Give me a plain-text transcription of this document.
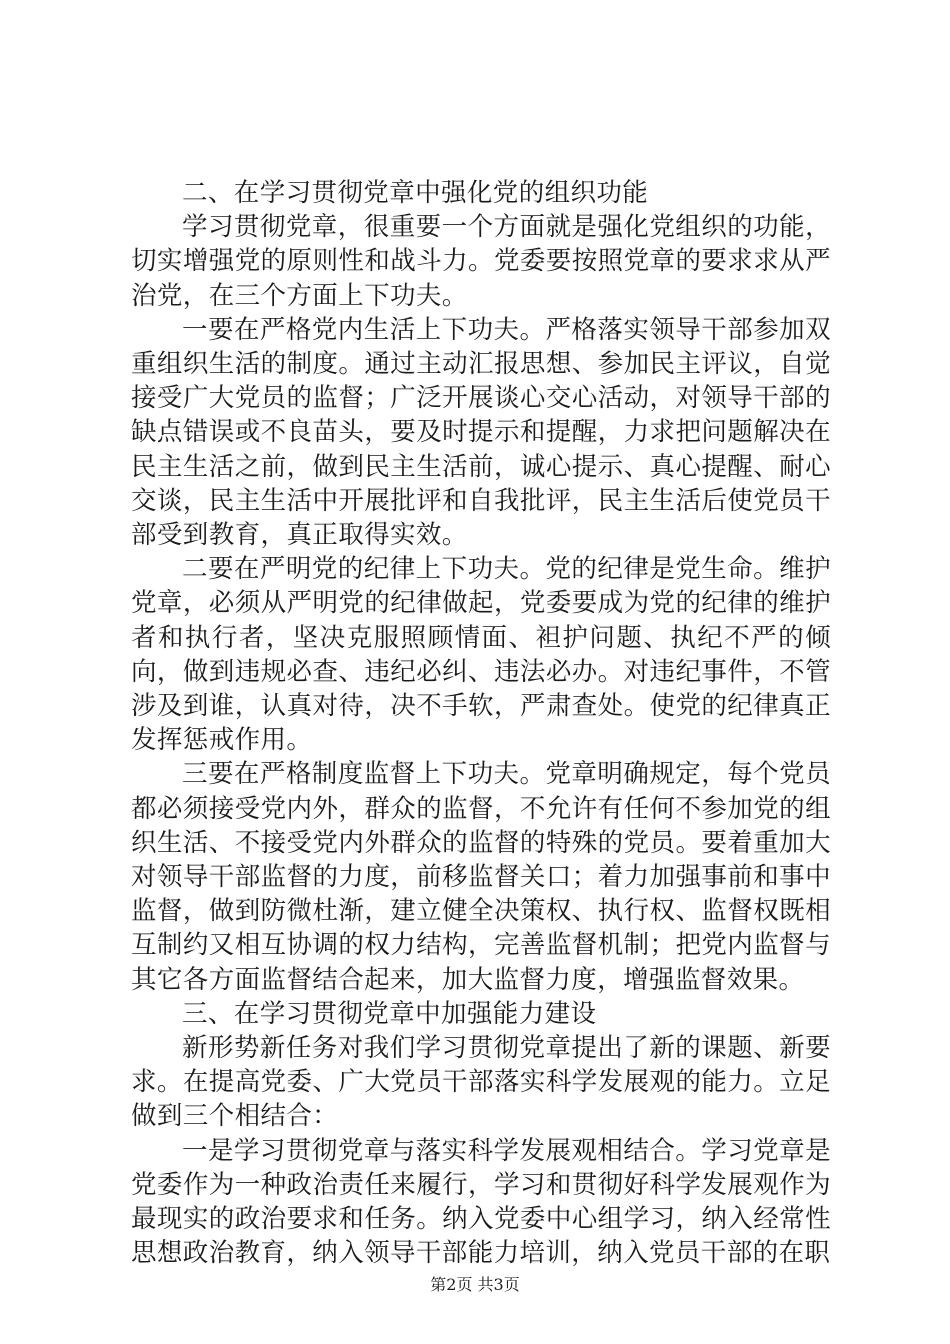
二、在学习贯彻党章中强化党的组织功能

学习贯彻党章，很重要一个方面就是强化党组织的功能，切实增强党的原则性和战斗力。党委要按照党章的要求求从严治党，在三个方面上下功夫。

一要在严格党内生活上下功夫。严格落实领导干部参加双重组织生活的制度。通过主动汇报思想、参加民主评议，自觉接受广大党员的监督；广泛开展谈心交心活动，对领导干部的缺点错误或不良苗头，要及时提示和提醒，力求把问题解决在民主生活之前，做到民主生活前，诚心提示、真心提醒、耐心交谈，民主生活中开展批评和自我批评，民主生活后使党员干部受到教育，真正取得实效。

二要在严明党的纪律上下功夫。党的纪律是党生命。维护党章，必须从严明党的纪律做起，党委要成为党的纪律的维护者和执行者，坚决克服照顾情面、袒护问题、执纪不严的倾向，做到违规必查、违纪必纠、违法必办。对违纪事件，不管涉及到谁，认真对待，决不手软，严肃查处。使党的纪律真正发挥惩戒作用。

三要在严格制度监督上下功夫。党章明确规定，每个党员都必须接受党内外，群众的监督，不允许有任何不参加党的组织生活、不接受党内外群众的监督的特殊的党员。要着重加大对领导干部监督的力度，前移监督关口；着力加强事前和事中监督，做到防微杜渐，建立健全决策权、执行权、监督权既相互制约又相互协调的权力结构，完善监督机制；把党内监督与其它各方面监督结合起来，加大监督力度，增强监督效果。

三、在学习贯彻党章中加强能力建设

新形势新任务对我们学习贯彻党章提出了新的课题、新要求。在提高党委、广大党员干部落实科学发展观的能力。立足做到三个相结合：

一是学习贯彻党章与落实科学发展观相结合。学习党章是党委作为一种政治责任来履行，学习和贯彻好科学发展观作为最现实的政治要求和任务。纳入党委中心组学习，纳入经常性思想政治教育，纳入领导干部能力培训，纳入党员干部的在职

第2页 共3页
